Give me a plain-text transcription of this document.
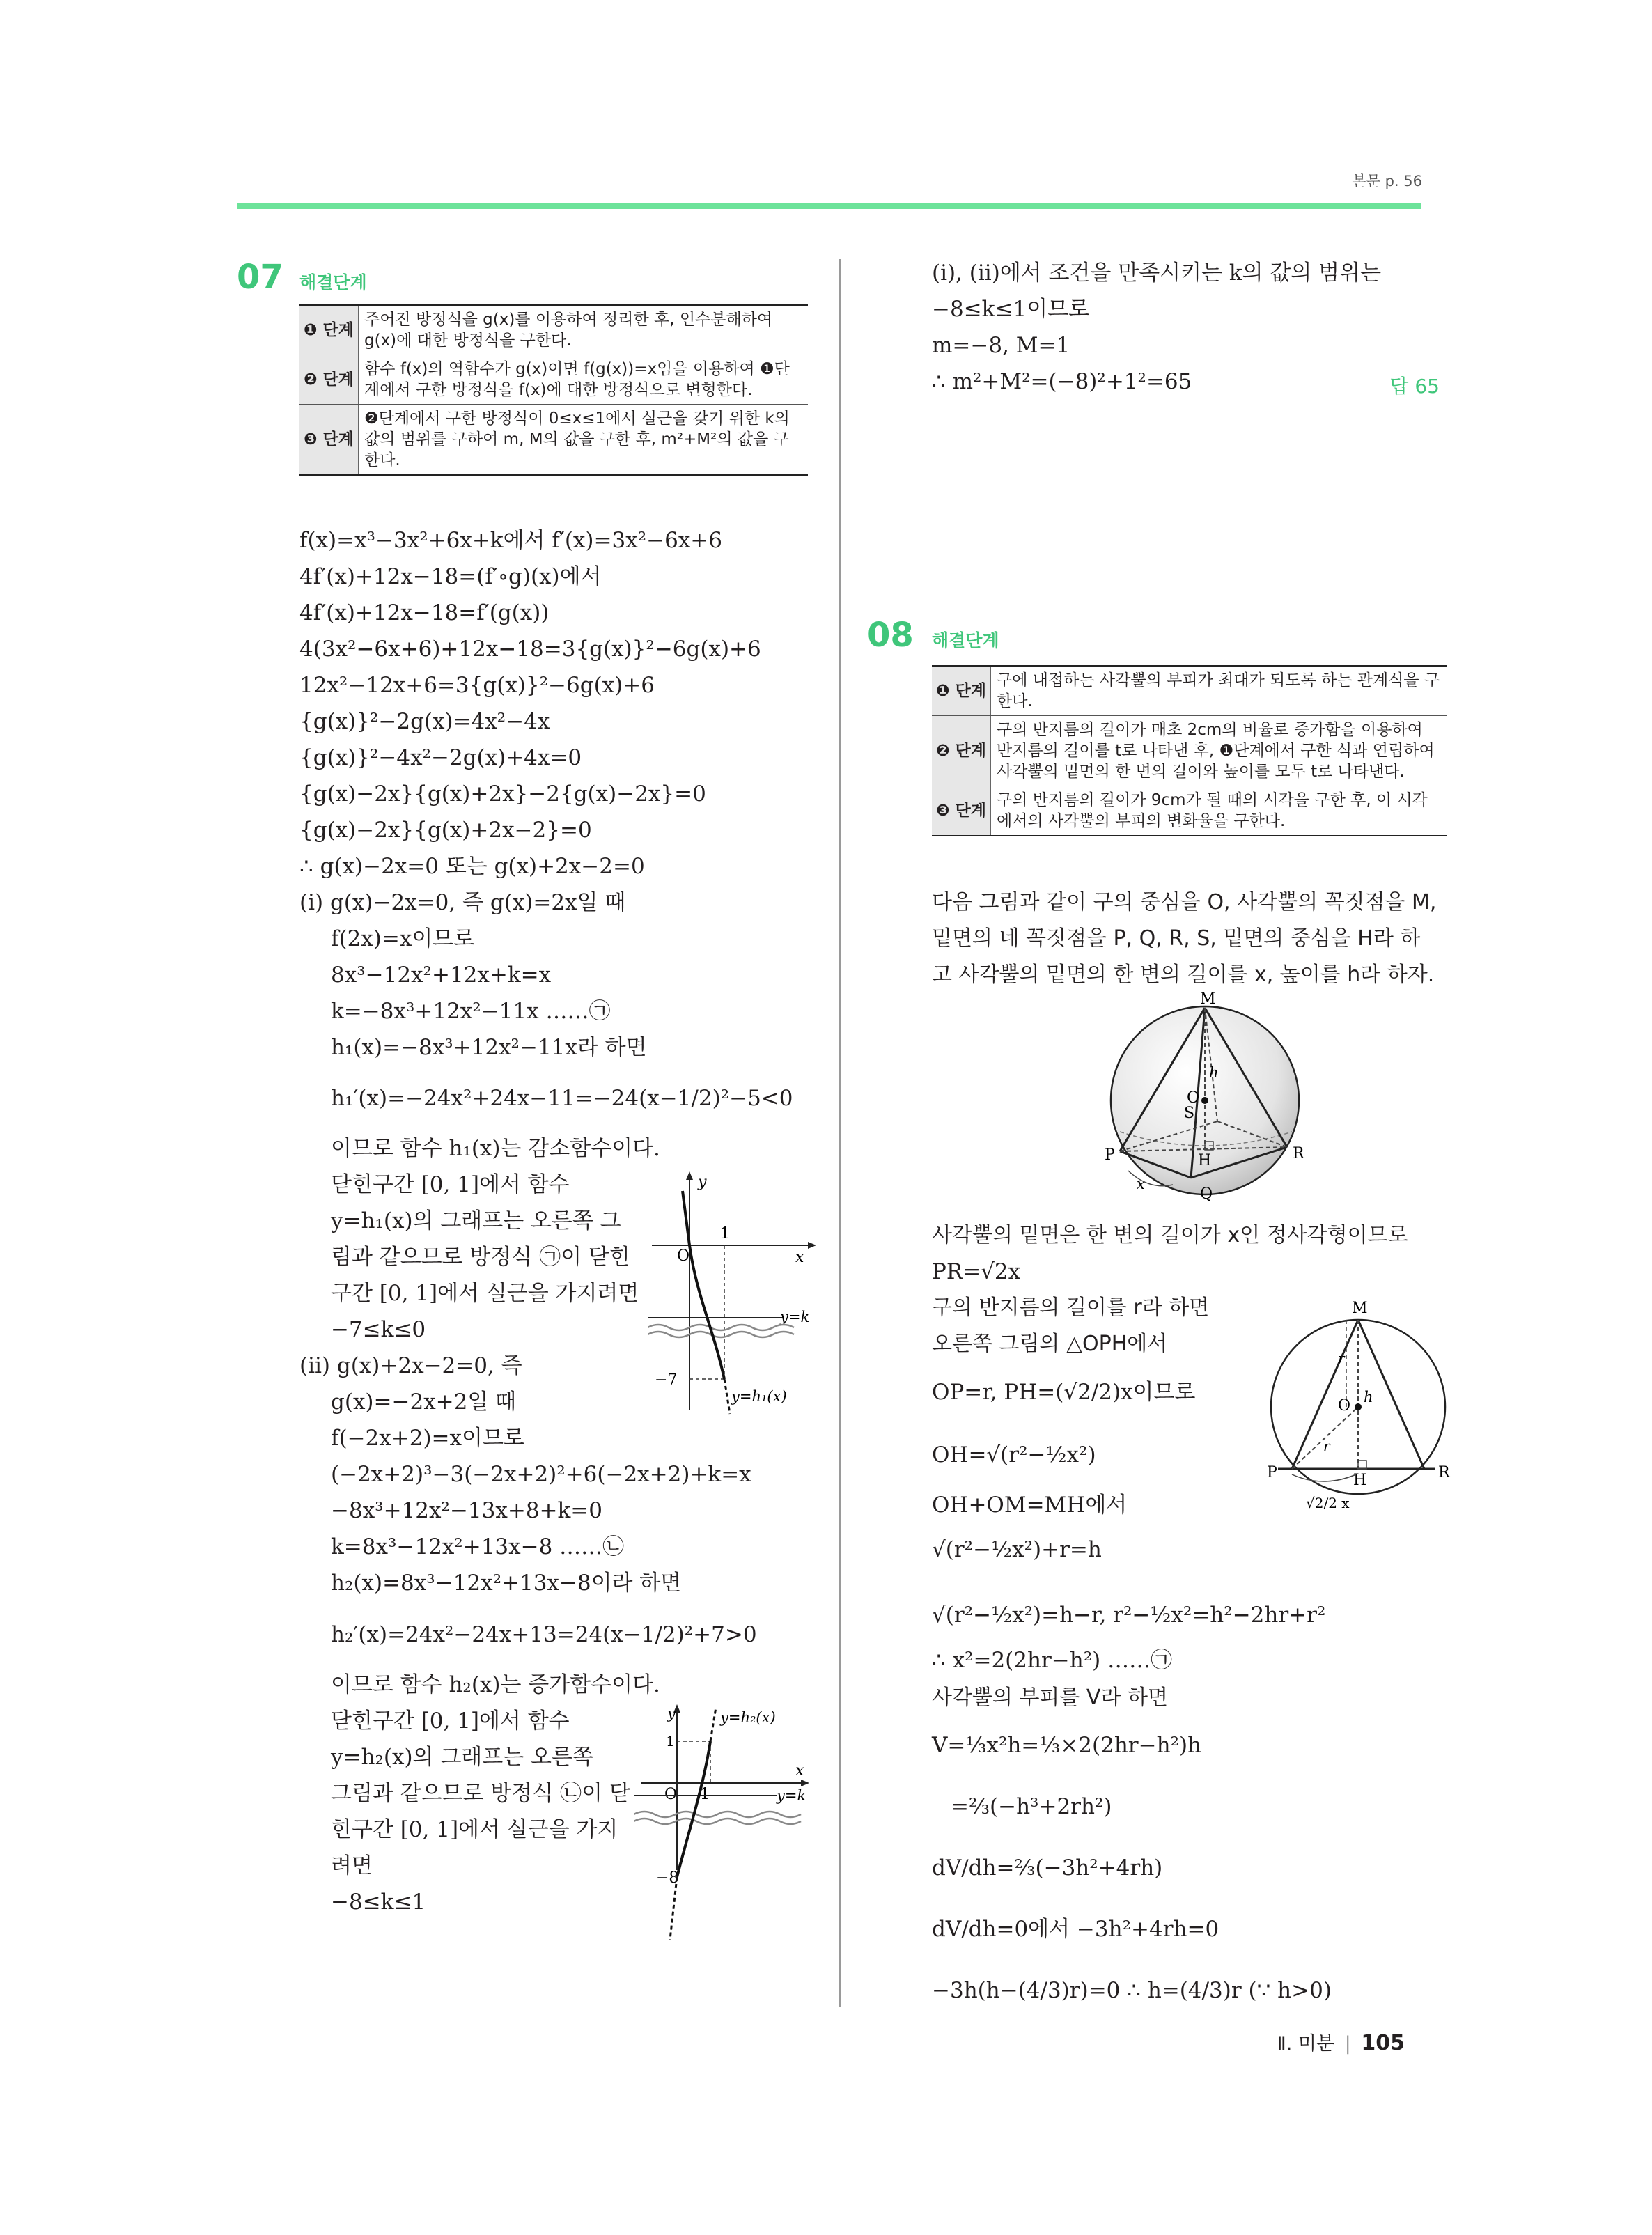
본문 p. 56
07 해결단계
❶ 단계	주어진 방정식을 g(x)를 이용하여 정리한 후, 인수분해하여 g(x)에 대한 방정식을 구한다.
❷ 단계	함수 f(x)의 역함수가 g(x)이면 f(g(x))=x임을 이용하여 ❶단계에서 구한 방정식을 f(x)에 대한 방정식으로 변형한다.
❸ 단계	❷단계에서 구한 방정식이 0≤x≤1에서 실근을 갖기 위한 k의 값의 범위를 구하여 m, M의 값을 구한 후, m²+M²의 값을 구한다.
f(x)=x³−3x²+6x+k에서 f′(x)=3x²−6x+6
4f′(x)+12x−18=(f′∘g)(x)에서
4f′(x)+12x−18=f′(g(x))
4(3x²−6x+6)+12x−18=3{g(x)}²−6g(x)+6
12x²−12x+6=3{g(x)}²−6g(x)+6
{g(x)}²−2g(x)=4x²−4x
{g(x)}²−4x²−2g(x)+4x=0
{g(x)−2x}{g(x)+2x}−2{g(x)−2x}=0
{g(x)−2x}{g(x)+2x−2}=0
∴ g(x)−2x=0 또는 g(x)+2x−2=0
(ⅰ) g(x)−2x=0, 즉 g(x)=2x일 때
f(2x)=x이므로
8x³−12x²+12x+k=x
k=−8x³+12x²−11x ……㉠
h₁(x)=−8x³+12x²−11x라 하면
h₁′(x)=−24x²+24x−11=−24(x−1/2)²−5<0
이므로 함수 h₁(x)는 감소함수이다.
닫힌구간 [0, 1]에서 함수
y=h₁(x)의 그래프는 오른쪽 그
림과 같으므로 방정식 ㉠이 닫힌
구간 [0, 1]에서 실근을 가지려면
−7≤k≤0
(ⅱ) g(x)+2x−2=0, 즉
g(x)=−2x+2일 때
f(−2x+2)=x이므로
(−2x+2)³−3(−2x+2)²+6(−2x+2)+k=x
−8x³+12x²−13x+8+k=0
k=8x³−12x²+13x−8 ……㉡
h₂(x)=8x³−12x²+13x−8이라 하면
h₂′(x)=24x²−24x+13=24(x−1/2)²+7>0
이므로 함수 h₂(x)는 증가함수이다.
닫힌구간 [0, 1]에서 함수
y=h₂(x)의 그래프는 오른쪽
그림과 같으므로 방정식 ㉡이 닫
힌구간 [0, 1]에서 실근을 가지
려면
−8≤k≤1
y
x
O
1
y=k
−7
y=h₁(x)
y
x
O 1
1
y=k
−8
y=h₂(x)
(ⅰ), (ⅱ)에서 조건을 만족시키는 k의 값의 범위는
−8≤k≤1이므로
m=−8, M=1
∴ m²+M²=(−8)²+1²=65	답 65
08 해결단계
❶ 단계	구에 내접하는 사각뿔의 부피가 최대가 되도록 하는 관계식을 구한다.
❷ 단계	구의 반지름의 길이가 매초 2cm의 비율로 증가함을 이용하여 반지름의 길이를 t로 나타낸 후, ❶단계에서 구한 식과 연립하여 사각뿔의 밑면의 한 변의 길이와 높이를 모두 t로 나타낸다.
❸ 단계	구의 반지름의 길이가 9cm가 될 때의 시각을 구한 후, 이 시각에서의 사각뿔의 부피의 변화율을 구한다.
다음 그림과 같이 구의 중심을 O, 사각뿔의 꼭짓점을 M,
밑면의 네 꼭짓점을 P, Q, R, S, 밑면의 중심을 H라 하
고 사각뿔의 밑면의 한 변의 길이를 x, 높이를 h라 하자.
M
O
S
h
P	H	R
Q
x
사각뿔의 밑면은 한 변의 길이가 x인 정사각형이므로
PR=√2x
구의 반지름의 길이를 r라 하면
오른쪽 그림의 △OPH에서
OP=r, PH=(√2/2)x이므로
OH=√(r²−½x²)
OH+OM=MH에서
√(r²−½x²)+r=h
√(r²−½x²)=h−r, r²−½x²=h²−2hr+r²
∴ x²=2(2hr−h²) ……㉠
사각뿔의 부피를 V라 하면
V=⅓x²h=⅓×2(2hr−h²)h
=⅔(−h³+2rh²)
dV/dh=⅔(−3h²+4rh)
dV/dh=0에서 −3h²+4rh=0
−3h(h−(4/3)r)=0 ∴ h=(4/3)r (∵ h>0)
M
O
r
r
h
P	H	R
√2/2 x
Ⅱ. 미분 | 105
